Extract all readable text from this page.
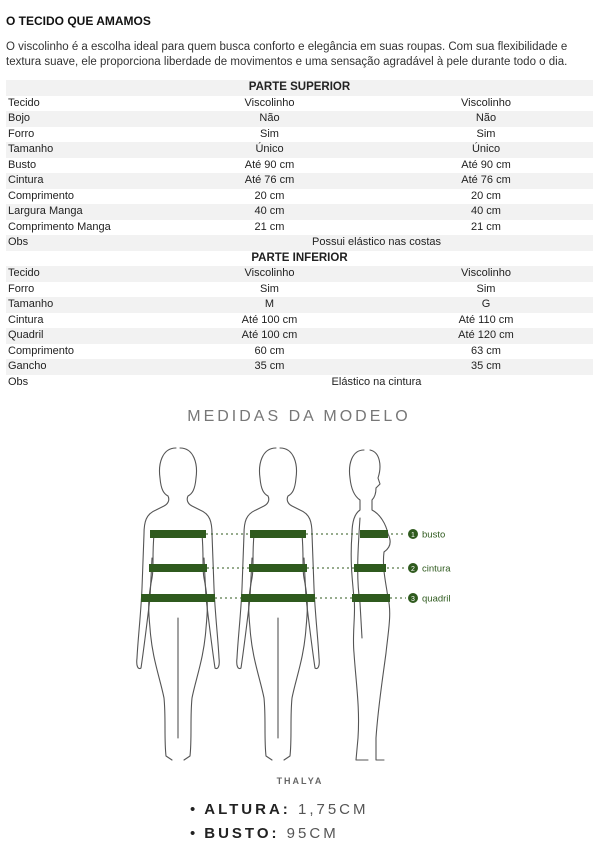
O TECIDO QUE AMAMOS
O viscolinho é a escolha ideal para quem busca conforto e elegância em suas roupas. Com sua flexibilidade e textura suave, ele proporciona liberdade de movimentos e uma sensação agradável à pele durante todo o dia.
PARTE SUPERIOR		
Tecido	Viscolinho	Viscolinho
Bojo	Não	Não
Forro	Sim	Sim
Tamanho	Único	Único
Busto	Até 90 cm	Até 90 cm
Cintura	Até 76 cm	Até 76 cm
Comprimento	20 cm	20 cm
Largura Manga	40 cm	40 cm
Comprimento Manga	21 cm	21 cm
Obs	Possui elástico nas costas	
PARTE INFERIOR		
Tecido	Viscolinho	Viscolinho
Forro	Sim	Sim
Tamanho	M	G
Cintura	Até 100 cm	Até 110 cm
Quadril	Até 100 cm	Até 120 cm
Comprimento	60 cm	63 cm
Gancho	35 cm	35 cm
Obs	Elástico na cintura	
MEDIDAS DA MODELO
1 busto
2 cintura
3 quadril
THALYA
• ALTURA: 1,75CM
• BUSTO: 95CM
